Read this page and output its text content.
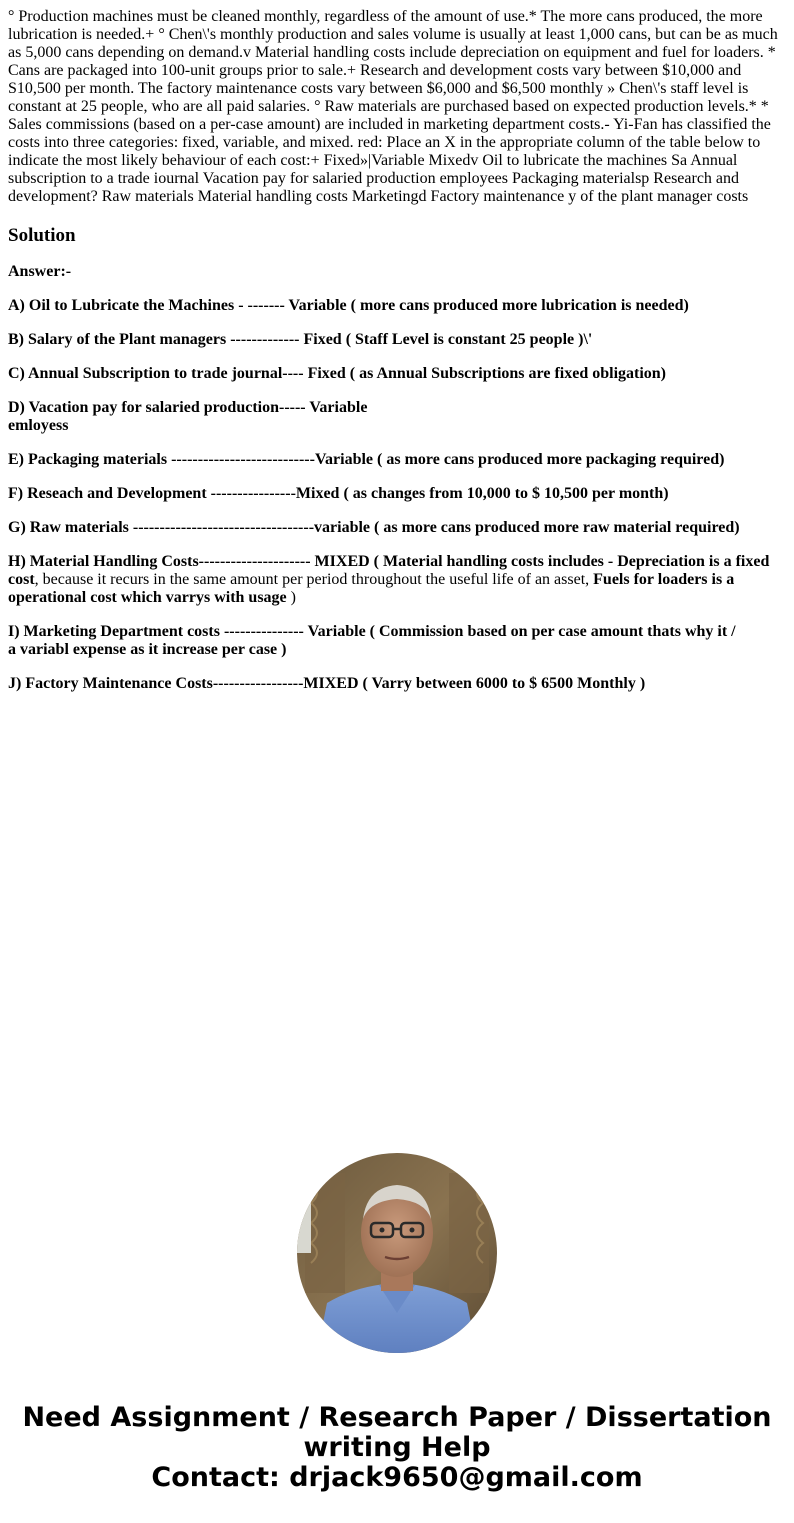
° Production machines must be cleaned monthly, regardless of the amount of use.* The more cans produced, the more lubrication is needed.+ ° Chen\'s monthly production and sales volume is usually at least 1,000 cans, but can be as much as 5,000 cans depending on demand.v Material handling costs include depreciation on equipment and fuel for loaders. * Cans are packaged into 100-unit groups prior to sale.+ Research and development costs vary between $10,000 and S10,500 per month. The factory maintenance costs vary between $6,000 and $6,500 monthly » Chen\'s staff level is constant at 25 people, who are all paid salaries. ° Raw materials are purchased based on expected production levels.* * Sales commissions (based on a per-case amount) are included in marketing department costs.- Yi-Fan has classified the costs into three categories: fixed, variable, and mixed. red: Place an X in the appropriate column of the table below to indicate the most likely behaviour of each cost:+ Fixed»|Variable Mixedv Oil to lubricate the machines Sa Annual subscription to a trade iournal Vacation pay for salaried production employees Packaging materialsp Research and development? Raw materials Material handling costs Marketingd Factory maintenance y of the plant manager costs
Solution
Answer:-
A) Oil to Lubricate the Machines - ------- Variable ( more cans produced more lubrication is needed)
B) Salary of the Plant managers ------------- Fixed ( Staff Level is constant 25 people )\'
C) Annual Subscription to trade journal---- Fixed ( as Annual Subscriptions are fixed obligation)
D) Vacation pay for salaried production----- Variable
emloyess
E) Packaging materials ---------------------------Variable ( as more cans produced more packaging required)
F) Reseach and Development ----------------Mixed ( as changes from 10,000 to $ 10,500 per month)
G) Raw materials ----------------------------------variable ( as more cans produced more raw material required)
H) Material Handling Costs--------------------- MIXED ( Material handling costs includes - Depreciation is a fixed cost, because it recurs in the same amount per period throughout the useful life of an asset, Fuels for loaders is a operational cost which varrys with usage )
I) Marketing Department costs --------------- Variable ( Commission based on per case amount thats why it /
a variabl expense as it increase per case )
J) Factory Maintenance Costs-----------------MIXED ( Varry between 6000 to $ 6500 Monthly )
Need Assignment / Research Paper / Dissertation
writing Help
Contact: drjack9650@gmail.com
